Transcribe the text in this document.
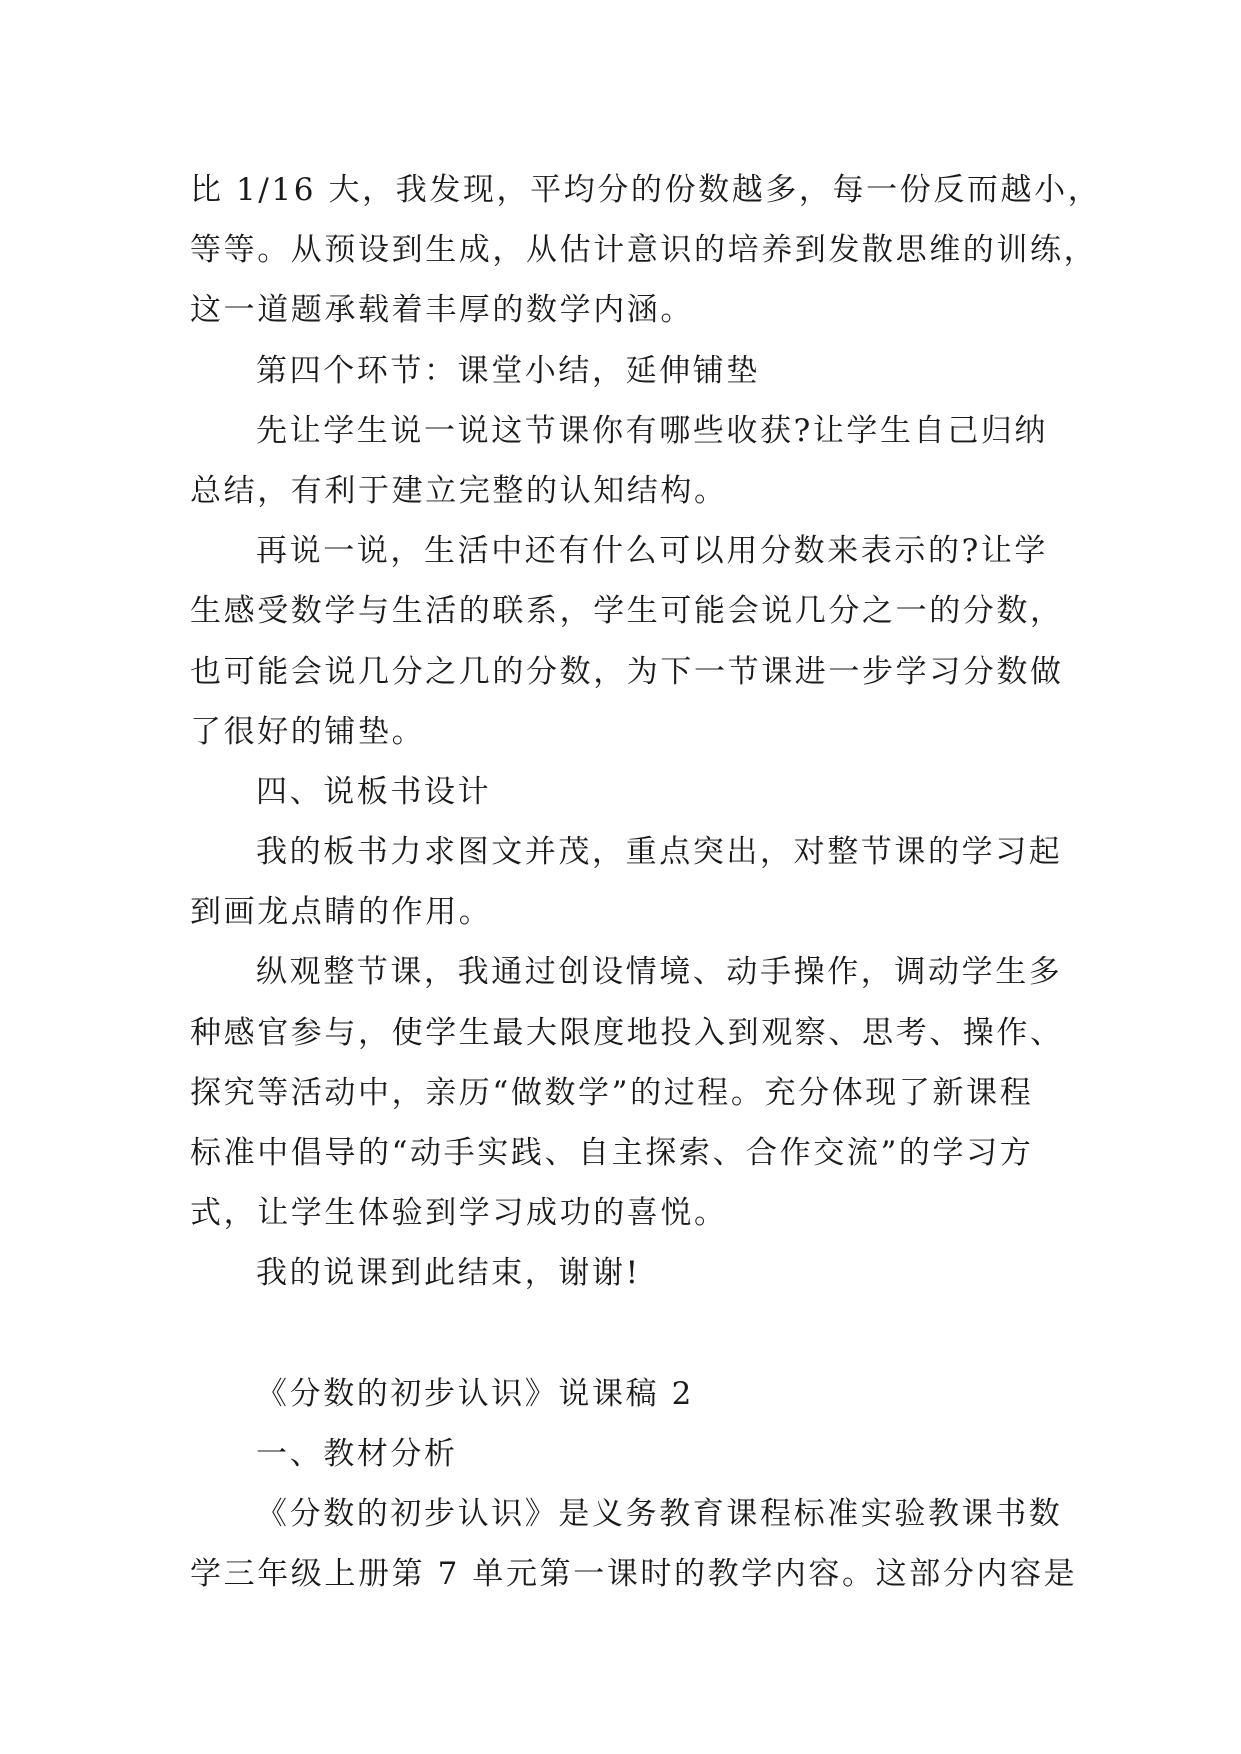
比 1/16 大，我发现，平均分的份数越多，每一份反而越小，
等等。从预设到生成，从估计意识的培养到发散思维的训练，
这一道题承载着丰厚的数学内涵。
第四个环节：课堂小结，延伸铺垫
先让学生说一说这节课你有哪些收获?让学生自己归纳
总结，有利于建立完整的认知结构。
再说一说，生活中还有什么可以用分数来表示的?让学
生感受数学与生活的联系，学生可能会说几分之一的分数，
也可能会说几分之几的分数，为下一节课进一步学习分数做
了很好的铺垫。
四、说板书设计
我的板书力求图文并茂，重点突出，对整节课的学习起
到画龙点睛的作用。
纵观整节课，我通过创设情境、动手操作，调动学生多
种感官参与，使学生最大限度地投入到观察、思考、操作、
探究等活动中，亲历“做数学”的过程。充分体现了新课程
标准中倡导的“动手实践、自主探索、合作交流”的学习方
式，让学生体验到学习成功的喜悦。
我的说课到此结束，谢谢!
《分数的初步认识》说课稿 2
一、教材分析
《分数的初步认识》是义务教育课程标准实验教课书数
学三年级上册第 7 单元第一课时的教学内容。这部分内容是
